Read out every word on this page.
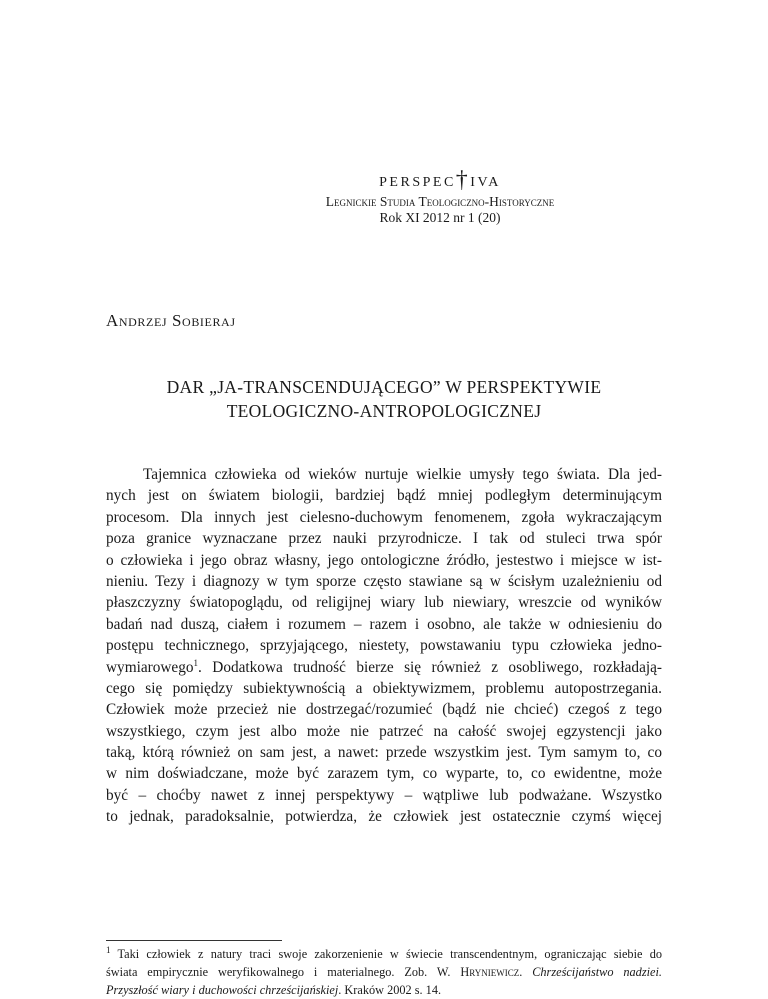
perspec†iva
Legnickie Studia Teologiczno-Historyczne
Rok XI 2012 nr 1 (20)
Andrzej Sobieraj
DAR „JA-TRANSCENDUJĄCEGO” W PERSPEKTYWIE
TEOLOGICZNO-ANTROPOLOGICZNEJ
Tajemnica człowieka od wieków nurtuje wielkie umysły tego świata. Dla jed-
nych jest on światem biologii, bardziej bądź mniej podległym determinującym
procesom. Dla innych jest cielesno-duchowym fenomenem, zgoła wykraczającym
poza granice wyznaczane przez nauki przyrodnicze. I tak od stuleci trwa spór
o człowieka i jego obraz własny, jego ontologiczne źródło, jestestwo i miejsce w ist-
nieniu. Tezy i diagnozy w tym sporze często stawiane są w ścisłym uzależnieniu od
płaszczyzny światopoglądu, od religijnej wiary lub niewiary, wreszcie od wyników
badań nad duszą, ciałem i rozumem – razem i osobno, ale także w odniesieniu do
postępu technicznego, sprzyjającego, niestety, powstawaniu typu człowieka jedno-
wymiarowego$^1$. Dodatkowa trudność bierze się również z osobliwego, rozkładają-
cego się pomiędzy subiektywnością a obiektywizmem, problemu autopostrzegania.
Człowiek może przecież nie dostrzegać/rozumieć (bądź nie chcieć) czegoś z tego
wszystkiego, czym jest albo może nie patrzeć na całość swojej egzystencji jako
taką, którą również on sam jest, a nawet: przede wszystkim jest. Tym samym to, co
w nim doświadczane, może być zarazem tym, co wyparte, to, co ewidentne, może
być – choćby nawet z innej perspektywy – wątpliwe lub podważane. Wszystko
to jednak, paradoksalnie, potwierdza, że człowiek jest ostatecznie czymś więcej
$^1$ Taki człowiek z natury traci swoje zakorzenienie w świecie transcendentnym, ograniczając siebie do
świata empirycznie weryfikowalnego i materialnego. Zob. W. Hryniewicz. Chrześcijaństwo nadziei.
Przyszłość wiary i duchowości chrześcijańskiej. Kraków 2002 s. 14.
